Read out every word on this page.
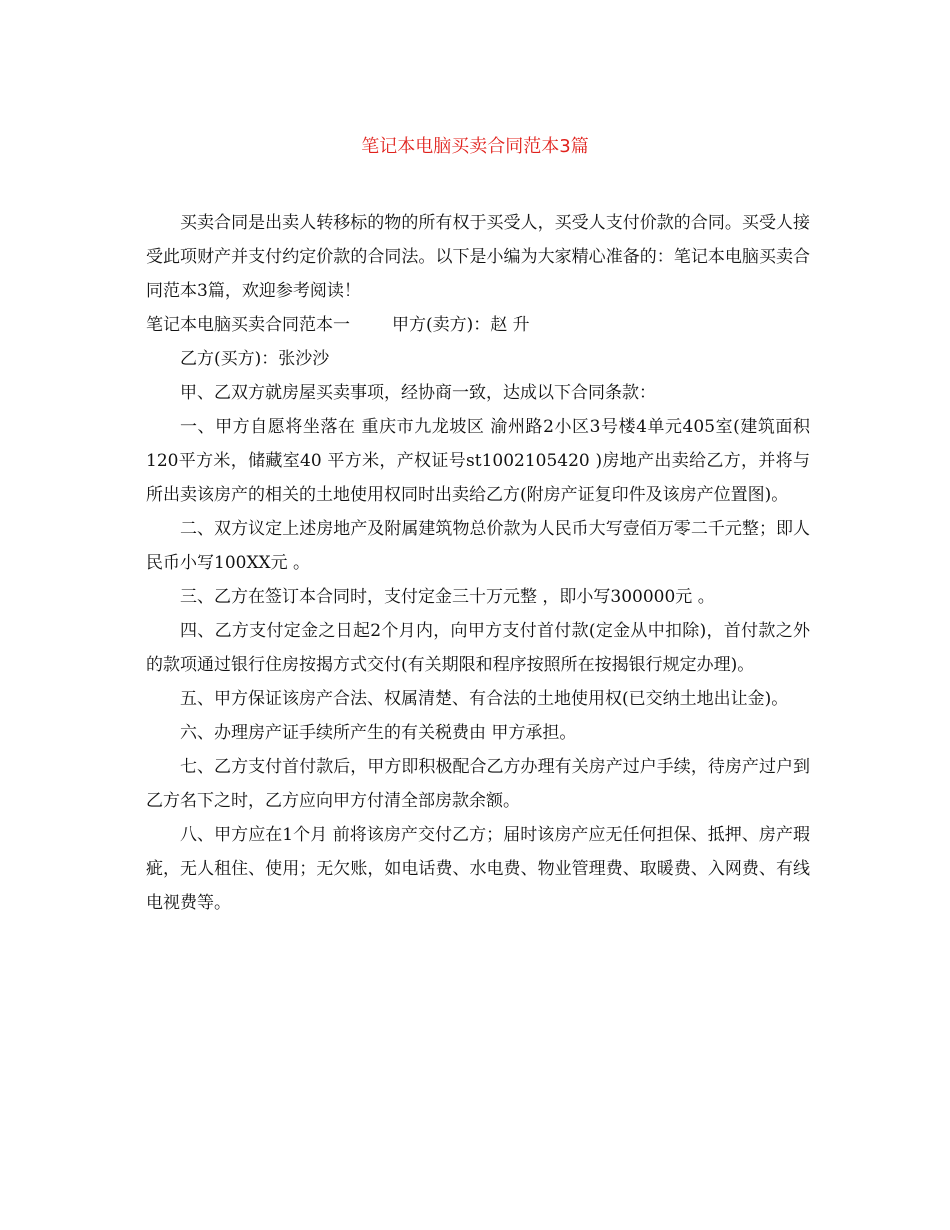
笔记本电脑买卖合同范本3篇

买卖合同是出卖人转移标的物的所有权于买受人，买受人支付价款的合同。买受人接受此项财产并支付约定价款的合同法。以下是小编为大家精心准备的：笔记本电脑买卖合同范本3篇，欢迎参考阅读！

笔记本电脑买卖合同范本一 甲方(卖方)：赵 升

乙方(买方)：张沙沙

甲、乙双方就房屋买卖事项，经协商一致，达成以下合同条款：

一、甲方自愿将坐落在 重庆市九龙坡区 渝州路2小区3号楼4单元405室(建筑面积120平方米，储藏室40 平方米，产权证号st1002105420 )房地产出卖给乙方，并将与所出卖该房产的相关的土地使用权同时出卖给乙方(附房产证复印件及该房产位置图)。

二、双方议定上述房地产及附属建筑物总价款为人民币大写壹佰万零二千元整；即人民币小写100XX元 。

三、乙方在签订本合同时，支付定金三十万元整 ，即小写300000元 。

四、乙方支付定金之日起2个月内，向甲方支付首付款(定金从中扣除)，首付款之外的款项通过银行住房按揭方式交付(有关期限和程序按照所在按揭银行规定办理)。

五、甲方保证该房产合法、权属清楚、有合法的土地使用权(已交纳土地出让金)。

六、办理房产证手续所产生的有关税费由 甲方承担。

七、乙方支付首付款后，甲方即积极配合乙方办理有关房产过户手续，待房产过户到乙方名下之时，乙方应向甲方付清全部房款余额。

八、甲方应在1个月 前将该房产交付乙方；届时该房产应无任何担保、抵押、房产瑕疵，无人租住、使用；无欠账，如电话费、水电费、物业管理费、取暖费、入网费、有线电视费等。
